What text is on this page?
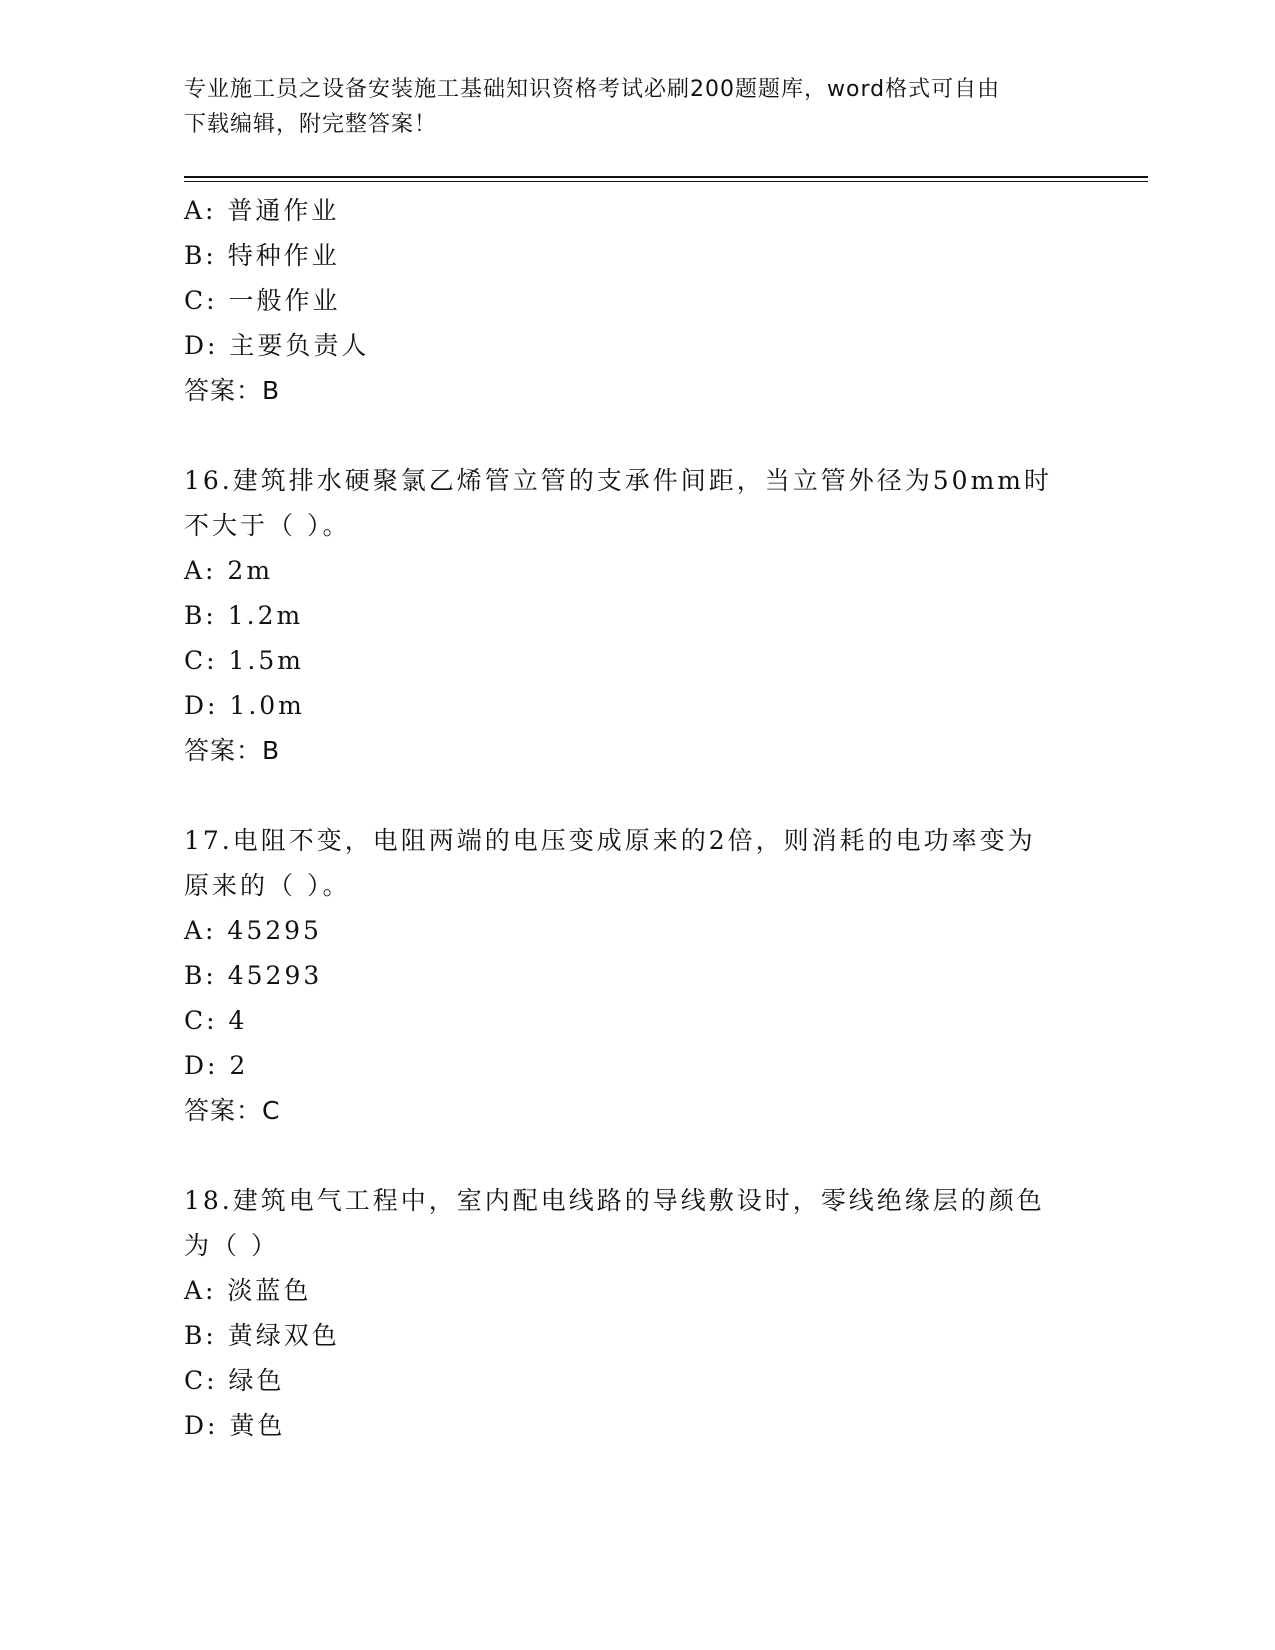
专业施工员之设备安装施工基础知识资格考试必刷200题题库，word格式可自由
下载编辑，附完整答案！
A: 普通作业
B: 特种作业
C: 一般作业
D: 主要负责人
答案：B
16.建筑排水硬聚氯乙烯管立管的支承件间距，当立管外径为50mm时
不大于（ ）。
A: 2m
B: 1.2m
C: 1.5m
D: 1.0m
答案：B
17.电阻不变，电阻两端的电压变成原来的2倍，则消耗的电功率变为
原来的（ ）。
A: 45295
B: 45293
C: 4
D: 2
答案：C
18.建筑电气工程中，室内配电线路的导线敷设时，零线绝缘层的颜色
为（ ）
A: 淡蓝色
B: 黄绿双色
C: 绿色
D: 黄色
